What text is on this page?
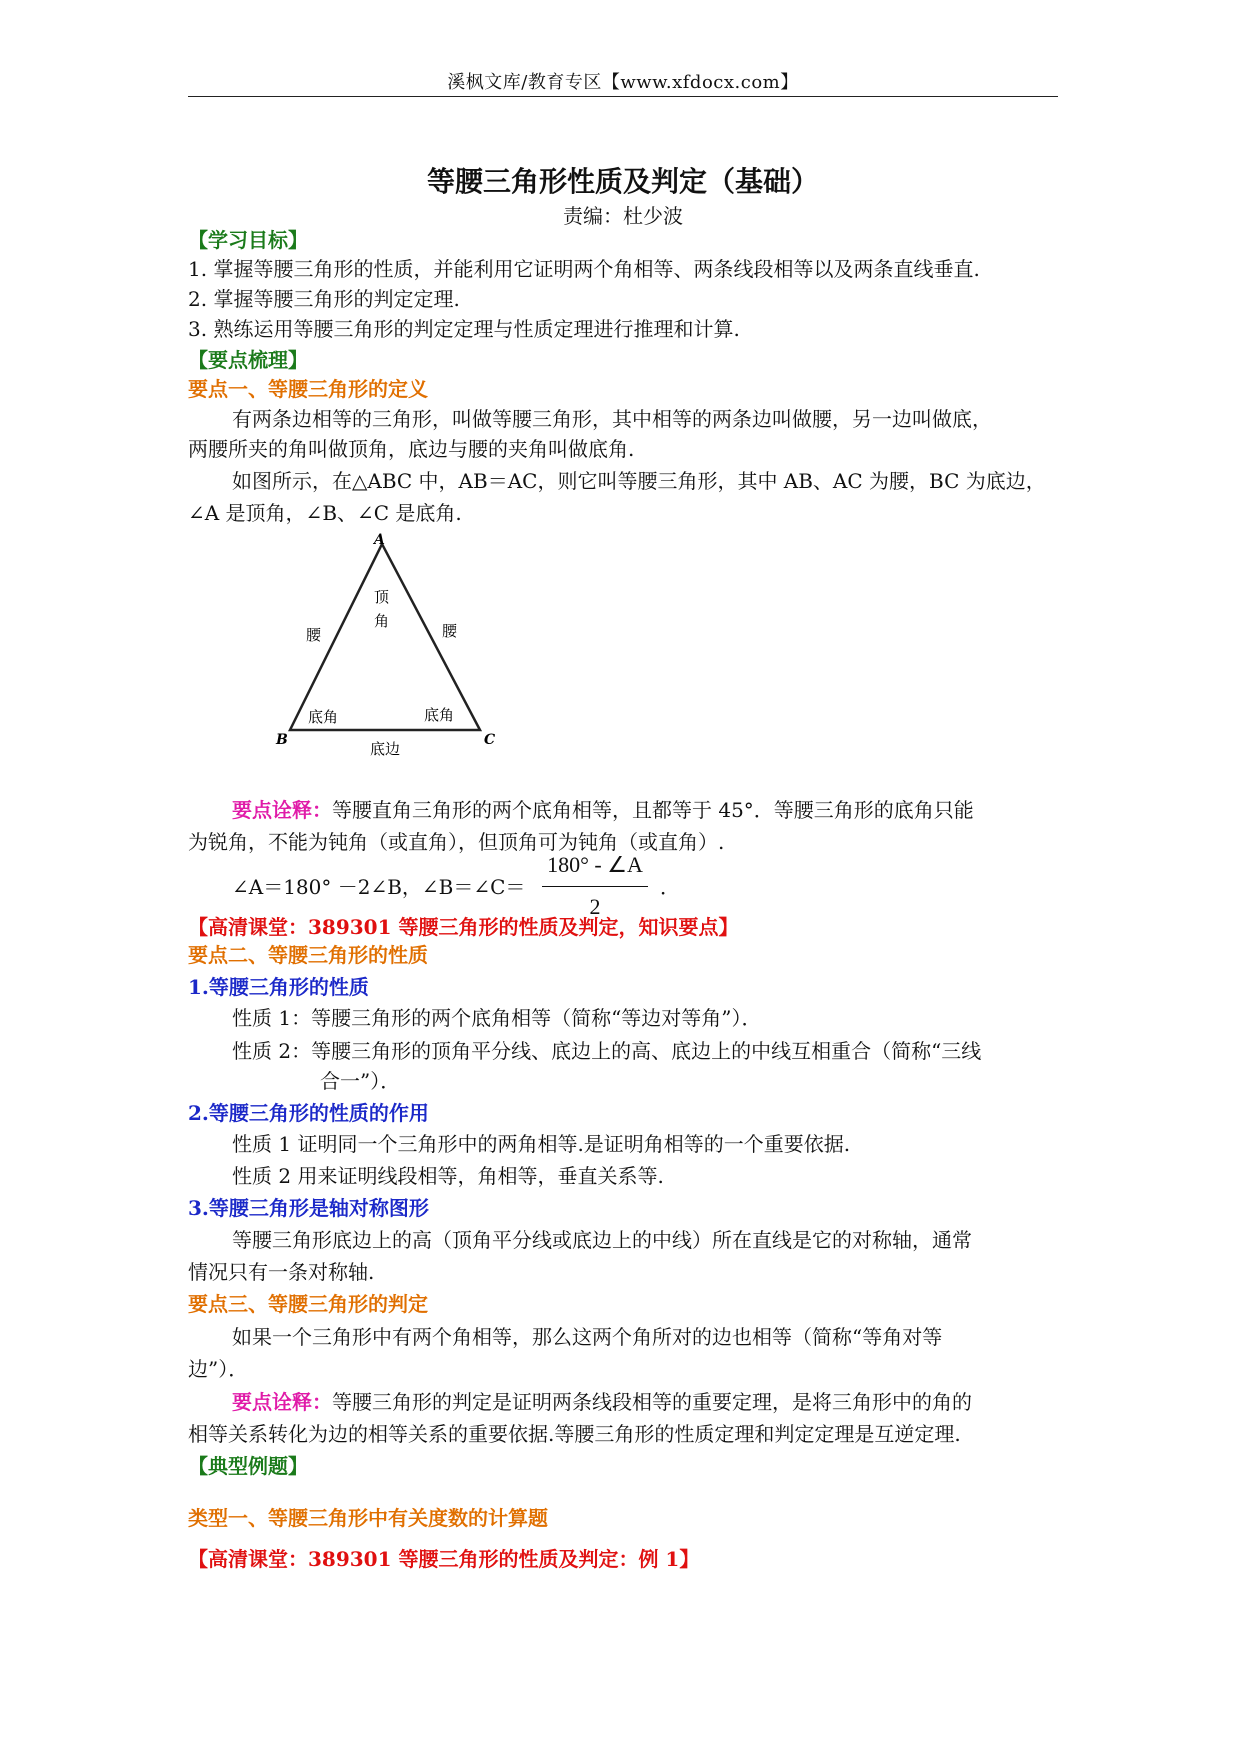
溪枫文库/教育专区【www.xfdocx.com】
等腰三角形性质及判定（基础）
责编：杜少波
【学习目标】
1. 掌握等腰三角形的性质，并能利用它证明两个角相等、两条线段相等以及两条直线垂直.
2. 掌握等腰三角形的判定定理.
3. 熟练运用等腰三角形的判定定理与性质定理进行推理和计算.
【要点梳理】
要点一、等腰三角形的定义
有两条边相等的三角形，叫做等腰三角形，其中相等的两条边叫做腰，另一边叫做底，
两腰所夹的角叫做顶角，底边与腰的夹角叫做底角.
如图所示，在△ABC 中，AB＝AC，则它叫等腰三角形，其中 AB、AC 为腰，BC 为底边，
∠A 是顶角，∠B、∠C 是底角.
A
B	C
顶
角
腰	腰
底角	底角
底边
要点诠释：等腰直角三角形的两个底角相等，且都等于 45°．等腰三角形的底角只能
为锐角，不能为钝角（或直角），但顶角可为钝角（或直角）.
∠A＝180° －2∠B，∠B＝∠C＝
180° - ∠A
2
．
【高清课堂：389301 等腰三角形的性质及判定，知识要点】
要点二、等腰三角形的性质
1.等腰三角形的性质
性质 1：等腰三角形的两个底角相等（简称“等边对等角”）．
性质 2：等腰三角形的顶角平分线、底边上的高、底边上的中线互相重合（简称“三线
合一”）．
2.等腰三角形的性质的作用
性质 1 证明同一个三角形中的两角相等.是证明角相等的一个重要依据.
性质 2 用来证明线段相等，角相等，垂直关系等.
3.等腰三角形是轴对称图形
等腰三角形底边上的高（顶角平分线或底边上的中线）所在直线是它的对称轴，通常
情况只有一条对称轴.
要点三、等腰三角形的判定
如果一个三角形中有两个角相等，那么这两个角所对的边也相等（简称“等角对等
边”）．
要点诠释：等腰三角形的判定是证明两条线段相等的重要定理，是将三角形中的角的
相等关系转化为边的相等关系的重要依据.等腰三角形的性质定理和判定定理是互逆定理.
【典型例题】
类型一、等腰三角形中有关度数的计算题
【高清课堂：389301 等腰三角形的性质及判定：例 1】
